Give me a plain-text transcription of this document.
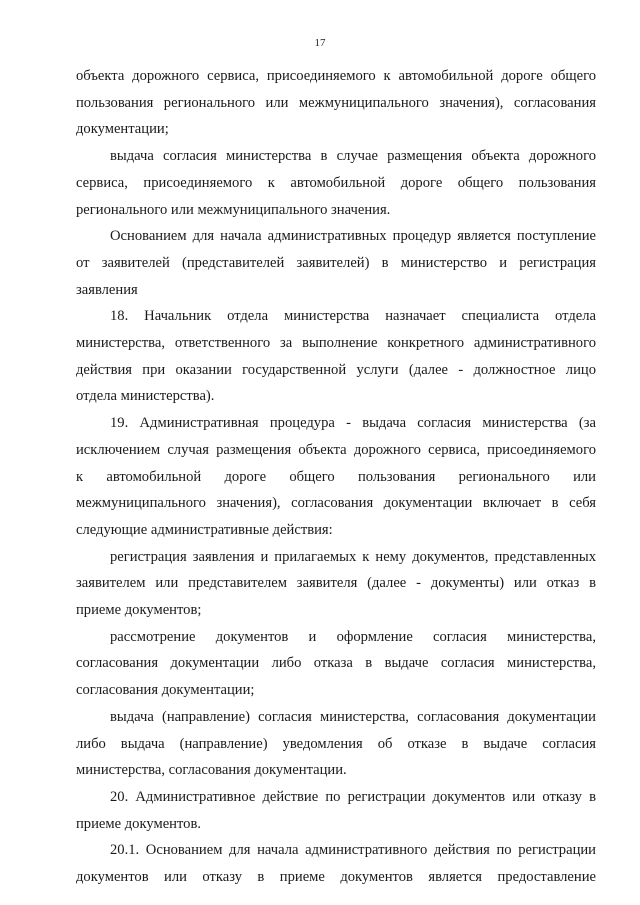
17

объекта дорожного сервиса, присоединяемого к автомобильной дороге общего
пользования регионального или межмуниципального значения), согласования
документации;

выдача согласия министерства в случае размещения объекта дорожного
сервиса, присоединяемого к автомобильной дороге общего пользования
регионального или межмуниципального значения.

Основанием для начала административных процедур является поступление
от заявителей (представителей заявителей) в министерство и регистрация
заявления

18. Начальник отдела министерства назначает специалиста отдела
министерства, ответственного за выполнение конкретного административного
действия при оказании государственной услуги (далее - должностное лицо
отдела министерства).

19. Административная процедура - выдача согласия министерства (за
исключением случая размещения объекта дорожного сервиса, присоединяемого
к автомобильной дороге общего пользования регионального или
межмуниципального значения), согласования документации включает в себя
следующие административные действия:

регистрация заявления и прилагаемых к нему документов, представленных
заявителем или представителем заявителя (далее - документы) или отказ в
приеме документов;

рассмотрение документов и оформление согласия министерства,
согласования документации либо отказа в выдаче согласия министерства,
согласования документации;

выдача (направление) согласия министерства, согласования документации
либо выдача (направление) уведомления об отказе в выдаче согласия
министерства, согласования документации.

20. Административное действие по регистрации документов или отказу в
приеме документов.

20.1. Основанием для начала административного действия по регистрации
документов или отказу в приеме документов является предоставление
